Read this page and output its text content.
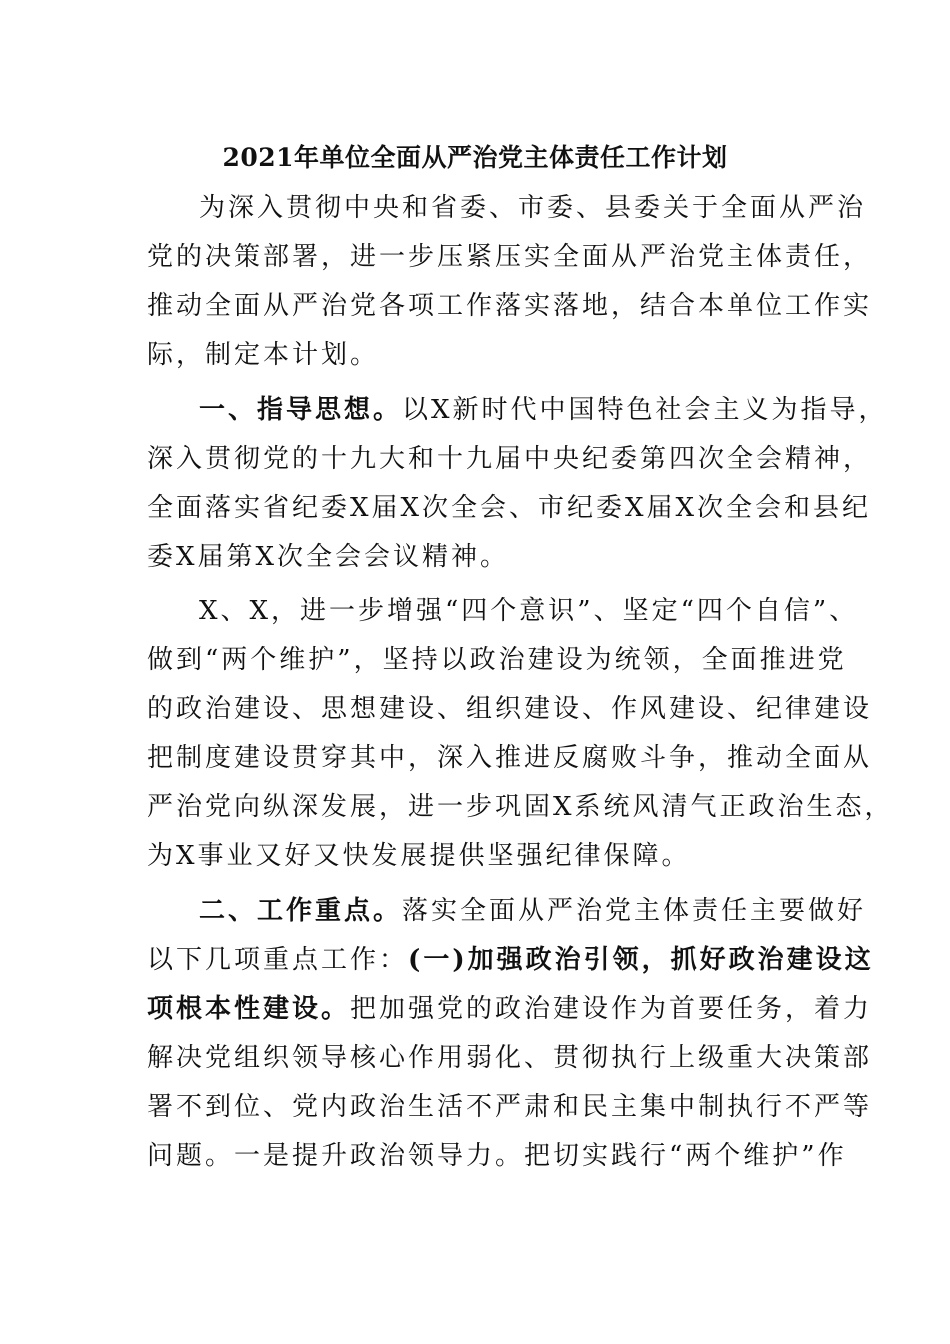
2021年单位全面从严治党主体责任工作计划
为深入贯彻中央和省委、市委、县委关于全面从严治
党的决策部署，进一步压紧压实全面从严治党主体责任，
推动全面从严治党各项工作落实落地，结合本单位工作实
际，制定本计划。
一、指导思想。以X新时代中国特色社会主义为指导，
深入贯彻党的十九大和十九届中央纪委第四次全会精神，
全面落实省纪委X届X次全会、市纪委X届X次全会和县纪
委X届第X次全会会议精神。
X、X，进一步增强“四个意识”、坚定“四个自信”、
做到“两个维护”，坚持以政治建设为统领，全面推进党
的政治建设、思想建设、组织建设、作风建设、纪律建设
把制度建设贯穿其中，深入推进反腐败斗争，推动全面从
严治党向纵深发展，进一步巩固X系统风清气正政治生态，
为X事业又好又快发展提供坚强纪律保障。
二、工作重点。落实全面从严治党主体责任主要做好
以下几项重点工作：(一)加强政治引领，抓好政治建设这
项根本性建设。把加强党的政治建设作为首要任务，着力
解决党组织领导核心作用弱化、贯彻执行上级重大决策部
署不到位、党内政治生活不严肃和民主集中制执行不严等
问题。一是提升政治领导力。把切实践行“两个维护”作
